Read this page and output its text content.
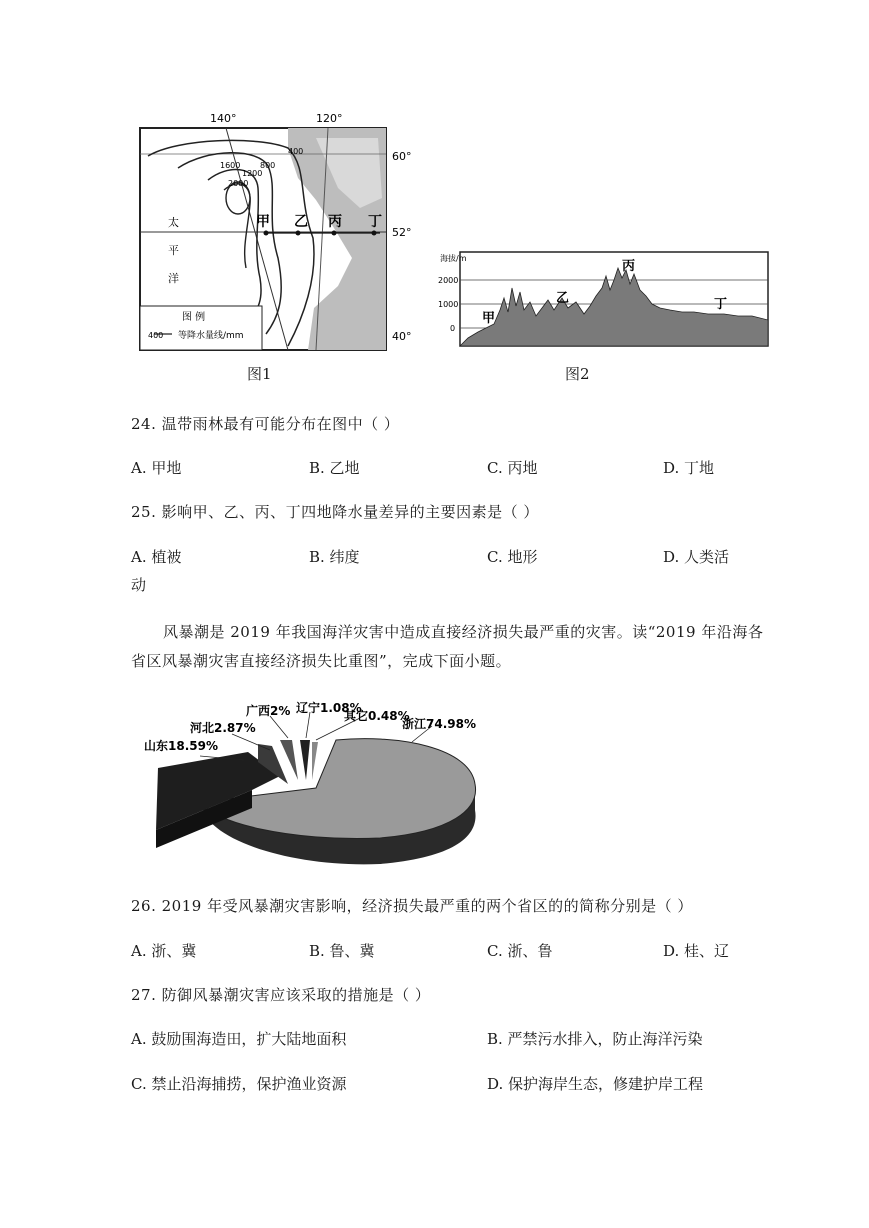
140°	120°
60°
52°
40°
400
800
1200
1600
2000
甲 乙 丙 丁
太
平
洋
图 例
400 等降水量线/mm
图1
海拔/m
2000
1000
0
甲
乙
丙
丁
图2
24. 温带雨林最有可能分布在图中（ ）
A. 甲地	B. 乙地	C. 丙地	D. 丁地
25. 影响甲、乙、丙、丁四地降水量差异的主要因素是（ ）
A. 植被	B. 纬度	C. 地形	D. 人类活
动
风暴潮是 2019 年我国海洋灾害中造成直接经济损失最严重的灾害。读“2019 年沿海各
省区风暴潮灾害直接经济损失比重图”，完成下面小题。
山东18.59%
河北2.87%
广西2% 辽宁1.08%
其它0.48%
浙江74.98%
26. 2019 年受风暴潮灾害影响，经济损失最严重的两个省区的的简称分别是（ ）
A. 浙、冀	B. 鲁、冀	C. 浙、鲁	D. 桂、辽
27. 防御风暴潮灾害应该采取的措施是（ ）
A. 鼓励围海造田，扩大陆地面积	B. 严禁污水排入，防止海洋污染
C. 禁止沿海捕捞，保护渔业资源	D. 保护海岸生态，修建护岸工程
